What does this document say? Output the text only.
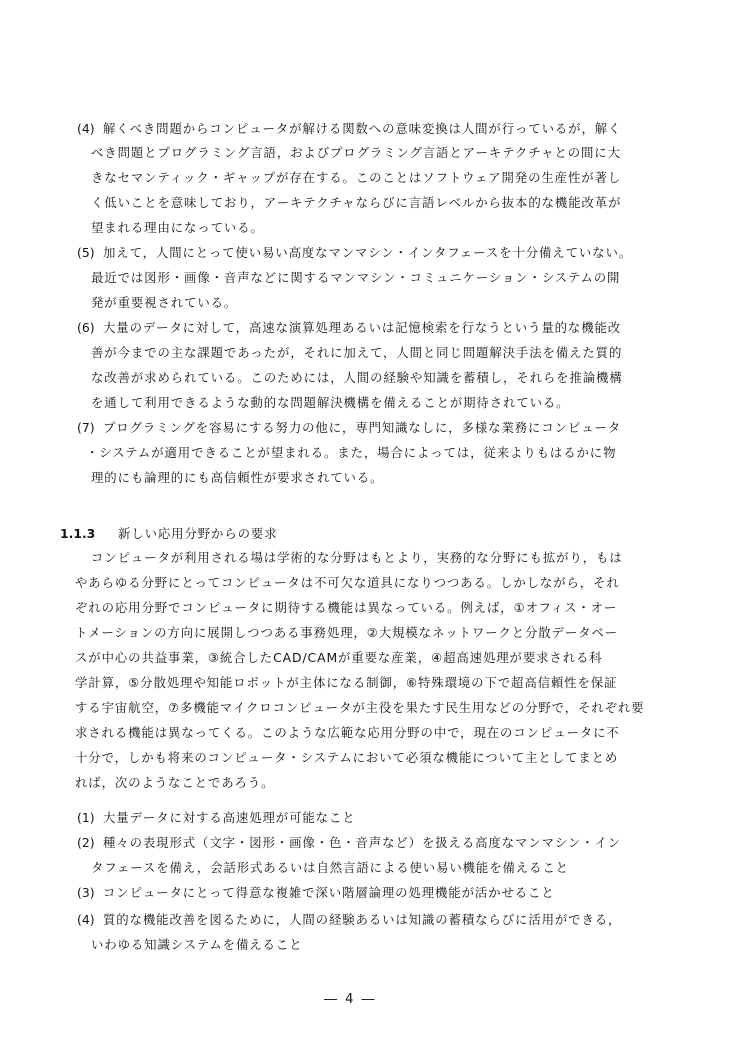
(4) 解くべき問題からコンピュータが解ける関数への意味変換は人間が行っているが，解く
べき問題とプログラミング言語，およびプログラミング言語とアーキテクチャとの間に大
きなセマンティック・ギャップが存在する。このことはソフトウェア開発の生産性が著し
く低いことを意味しており，アーキテクチャならびに言語レベルから抜本的な機能改革が
望まれる理由になっている。
(5) 加えて，人間にとって使い易い高度なマンマシン・インタフェースを十分備えていない。
最近では図形・画像・音声などに関するマンマシン・コミュニケーション・システムの開
発が重要視されている。
(6) 大量のデータに対して，高速な演算処理あるいは記憶検索を行なうという量的な機能改
善が今までの主な課題であったが，それに加えて，人間と同じ問題解決手法を備えた質的
な改善が求められている。このためには，人間の経験や知識を蓄積し，それらを推論機構
を通して利用できるような動的な問題解決機構を備えることが期待されている。
(7) プログラミングを容易にする努力の他に，専門知識なしに，多様な業務にコンピュータ
・システムが適用できることが望まれる。また，場合によっては，従来よりもはるかに物
理的にも論理的にも高信頼性が要求されている。
1.1.3 新しい応用分野からの要求
コンピュータが利用される場は学術的な分野はもとより，実務的な分野にも拡がり，もは
やあらゆる分野にとってコンピュータは不可欠な道具になりつつある。しかしながら，それ
ぞれの応用分野でコンピュータに期待する機能は異なっている。例えば，①オフィス・オー
トメーションの方向に展開しつつある事務処理，②大規模なネットワークと分散データベー
スが中心の共益事業，③統合したCAD/CAMが重要な産業，④超高速処理が要求される科
学計算，⑤分散処理や知能ロボットが主体になる制御，⑥特殊環境の下で超高信頼性を保証
する宇宙航空，⑦多機能マイクロコンピュータが主役を果たす民生用などの分野で，それぞれ要
求される機能は異なってくる。このような広範な応用分野の中で，現在のコンピュータに不
十分で，しかも将来のコンピュータ・システムにおいて必須な機能について主としてまとめ
れば，次のようなことであろう。
(1) 大量データに対する高速処理が可能なこと
(2) 種々の表現形式（文字・図形・画像・色・音声など）を扱える高度なマンマシン・イン
タフェースを備え，会話形式あるいは自然言語による使い易い機能を備えること
(3) コンピュータにとって得意な複雑で深い階層論理の処理機能が活かせること
(4) 質的な機能改善を図るために，人間の経験あるいは知識の蓄積ならびに活用ができる，
いわゆる知識システムを備えること
― 4 ―
